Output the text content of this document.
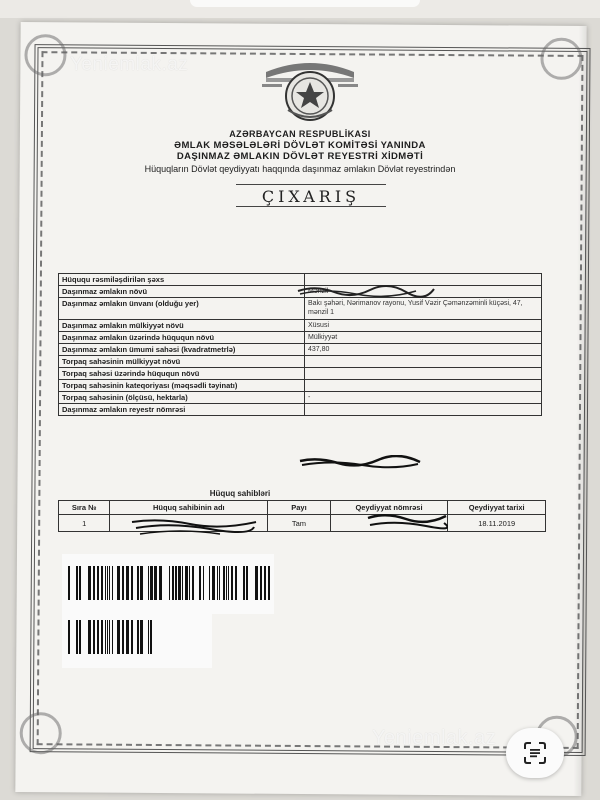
Yeniemlak.az
Yeniemlak.az
AZƏRBAYCAN RESPUBLİKASI
ƏMLAK MƏSƏLƏLƏRİ DÖVLƏT KOMİTƏSİ YANINDA
DAŞINMAZ ƏMLAKIN DÖVLƏT REYESTRİ XİDMƏTİ
Hüquqların Dövlət qeydiyyatı haqqında daşınmaz əmlakın Dövlət reyestrindən
ÇIXARIŞ
Hüququ rəsmiləşdirilən şəxs	
Daşınmaz əmlakın növü	Mənzil
Daşınmaz əmlakın ünvanı (olduğu yer)	Bakı şəhəri, Nərimanov rayonu, Yusif Vəzir Çəmənzəminli küçəsi, 47, mənzil 1
Daşınmaz əmlakın mülkiyyət növü	Xüsusi
Daşınmaz əmlakın üzərində hüququn növü	Mülkiyyət
Daşınmaz əmlakın ümumi sahəsi (kvadratmetrlə)	437,80
Torpaq sahəsinin mülkiyyət növü	
Torpaq sahəsi üzərində hüququn növü	
Torpaq sahəsinin kateqoriyası (məqsədli təyinatı)	
Torpaq sahəsinin (ölçüsü, hektarla)	-
Daşınmaz əmlakın reyestr nömrəsi	
Hüquq sahibləri
Sıra №	Hüquq sahibinin adı	Payı	Qeydiyyat nömrəsi	Qeydiyyat tarixi
1		Tam		18.11.2019
